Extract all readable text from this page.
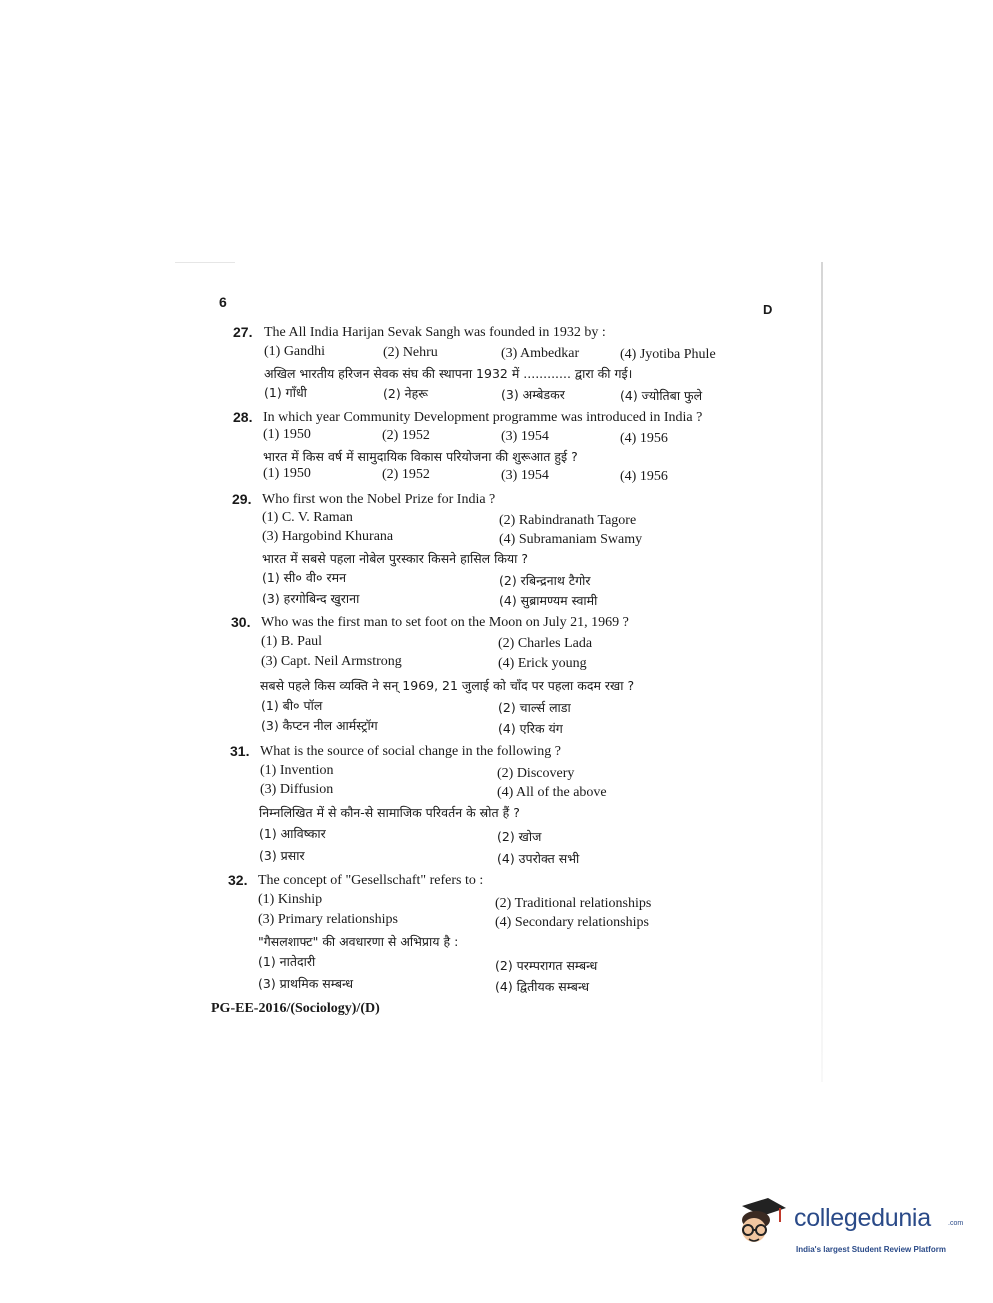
6	D
27. The All India Harijan Sevak Sangh was founded in 1932 by :
(1) Gandhi	(2) Nehru	(3) Ambedkar	(4) Jyotiba Phule
अखिल भारतीय हरिजन सेवक संघ की स्थापना 1932 में ............ द्वारा की गई।
(1) गाँधी	(2) नेहरू	(3) अम्बेडकर	(4) ज्योतिबा फुले
28. In which year Community Development programme was introduced in India ?
(1) 1950	(2) 1952	(3) 1954	(4) 1956
भारत में किस वर्ष में सामुदायिक विकास परियोजना की शुरूआत हुई ?
(1) 1950	(2) 1952	(3) 1954	(4) 1956
29. Who first won the Nobel Prize for India ?
(1) C. V. Raman	(2) Rabindranath Tagore
(3) Hargobind Khurana	(4) Subramaniam Swamy
भारत में सबसे पहला नोबेल पुरस्कार किसने हासिल किया ?
(1) सी० वी० रमन	(2) रबिन्द्रनाथ टैगोर
(3) हरगोबिन्द खुराना	(4) सुब्रामण्यम स्वामी
30. Who was the first man to set foot on the Moon on July 21, 1969 ?
(1) B. Paul	(2) Charles Lada
(3) Capt. Neil Armstrong	(4) Erick young
सबसे पहले किस व्यक्ति ने सन् 1969, 21 जुलाई को चाँद पर पहला कदम रखा ?
(1) बी० पॉल	(2) चार्ल्स लाडा
(3) कैप्टन नील आर्मस्ट्रॉग	(4) एरिक यंग
31. What is the source of social change in the following ?
(1) Invention	(2) Discovery
(3) Diffusion	(4) All of the above
निम्नलिखित में से कौन-से सामाजिक परिवर्तन के स्रोत हैं ?
(1) आविष्कार	(2) खोज
(3) प्रसार	(4) उपरोक्त सभी
32. The concept of "Gesellschaft" refers to :
(1) Kinship	(2) Traditional relationships
(3) Primary relationships	(4) Secondary relationships
"गैसलशाफ्ट" की अवधारणा से अभिप्राय है :
(1) नातेदारी	(2) परम्परागत सम्बन्ध
(3) प्राथमिक सम्बन्ध	(4) द्वितीयक सम्बन्ध
PG-EE-2016/(Sociology)/(D)
collegedunia .com
India's largest Student Review Platform
